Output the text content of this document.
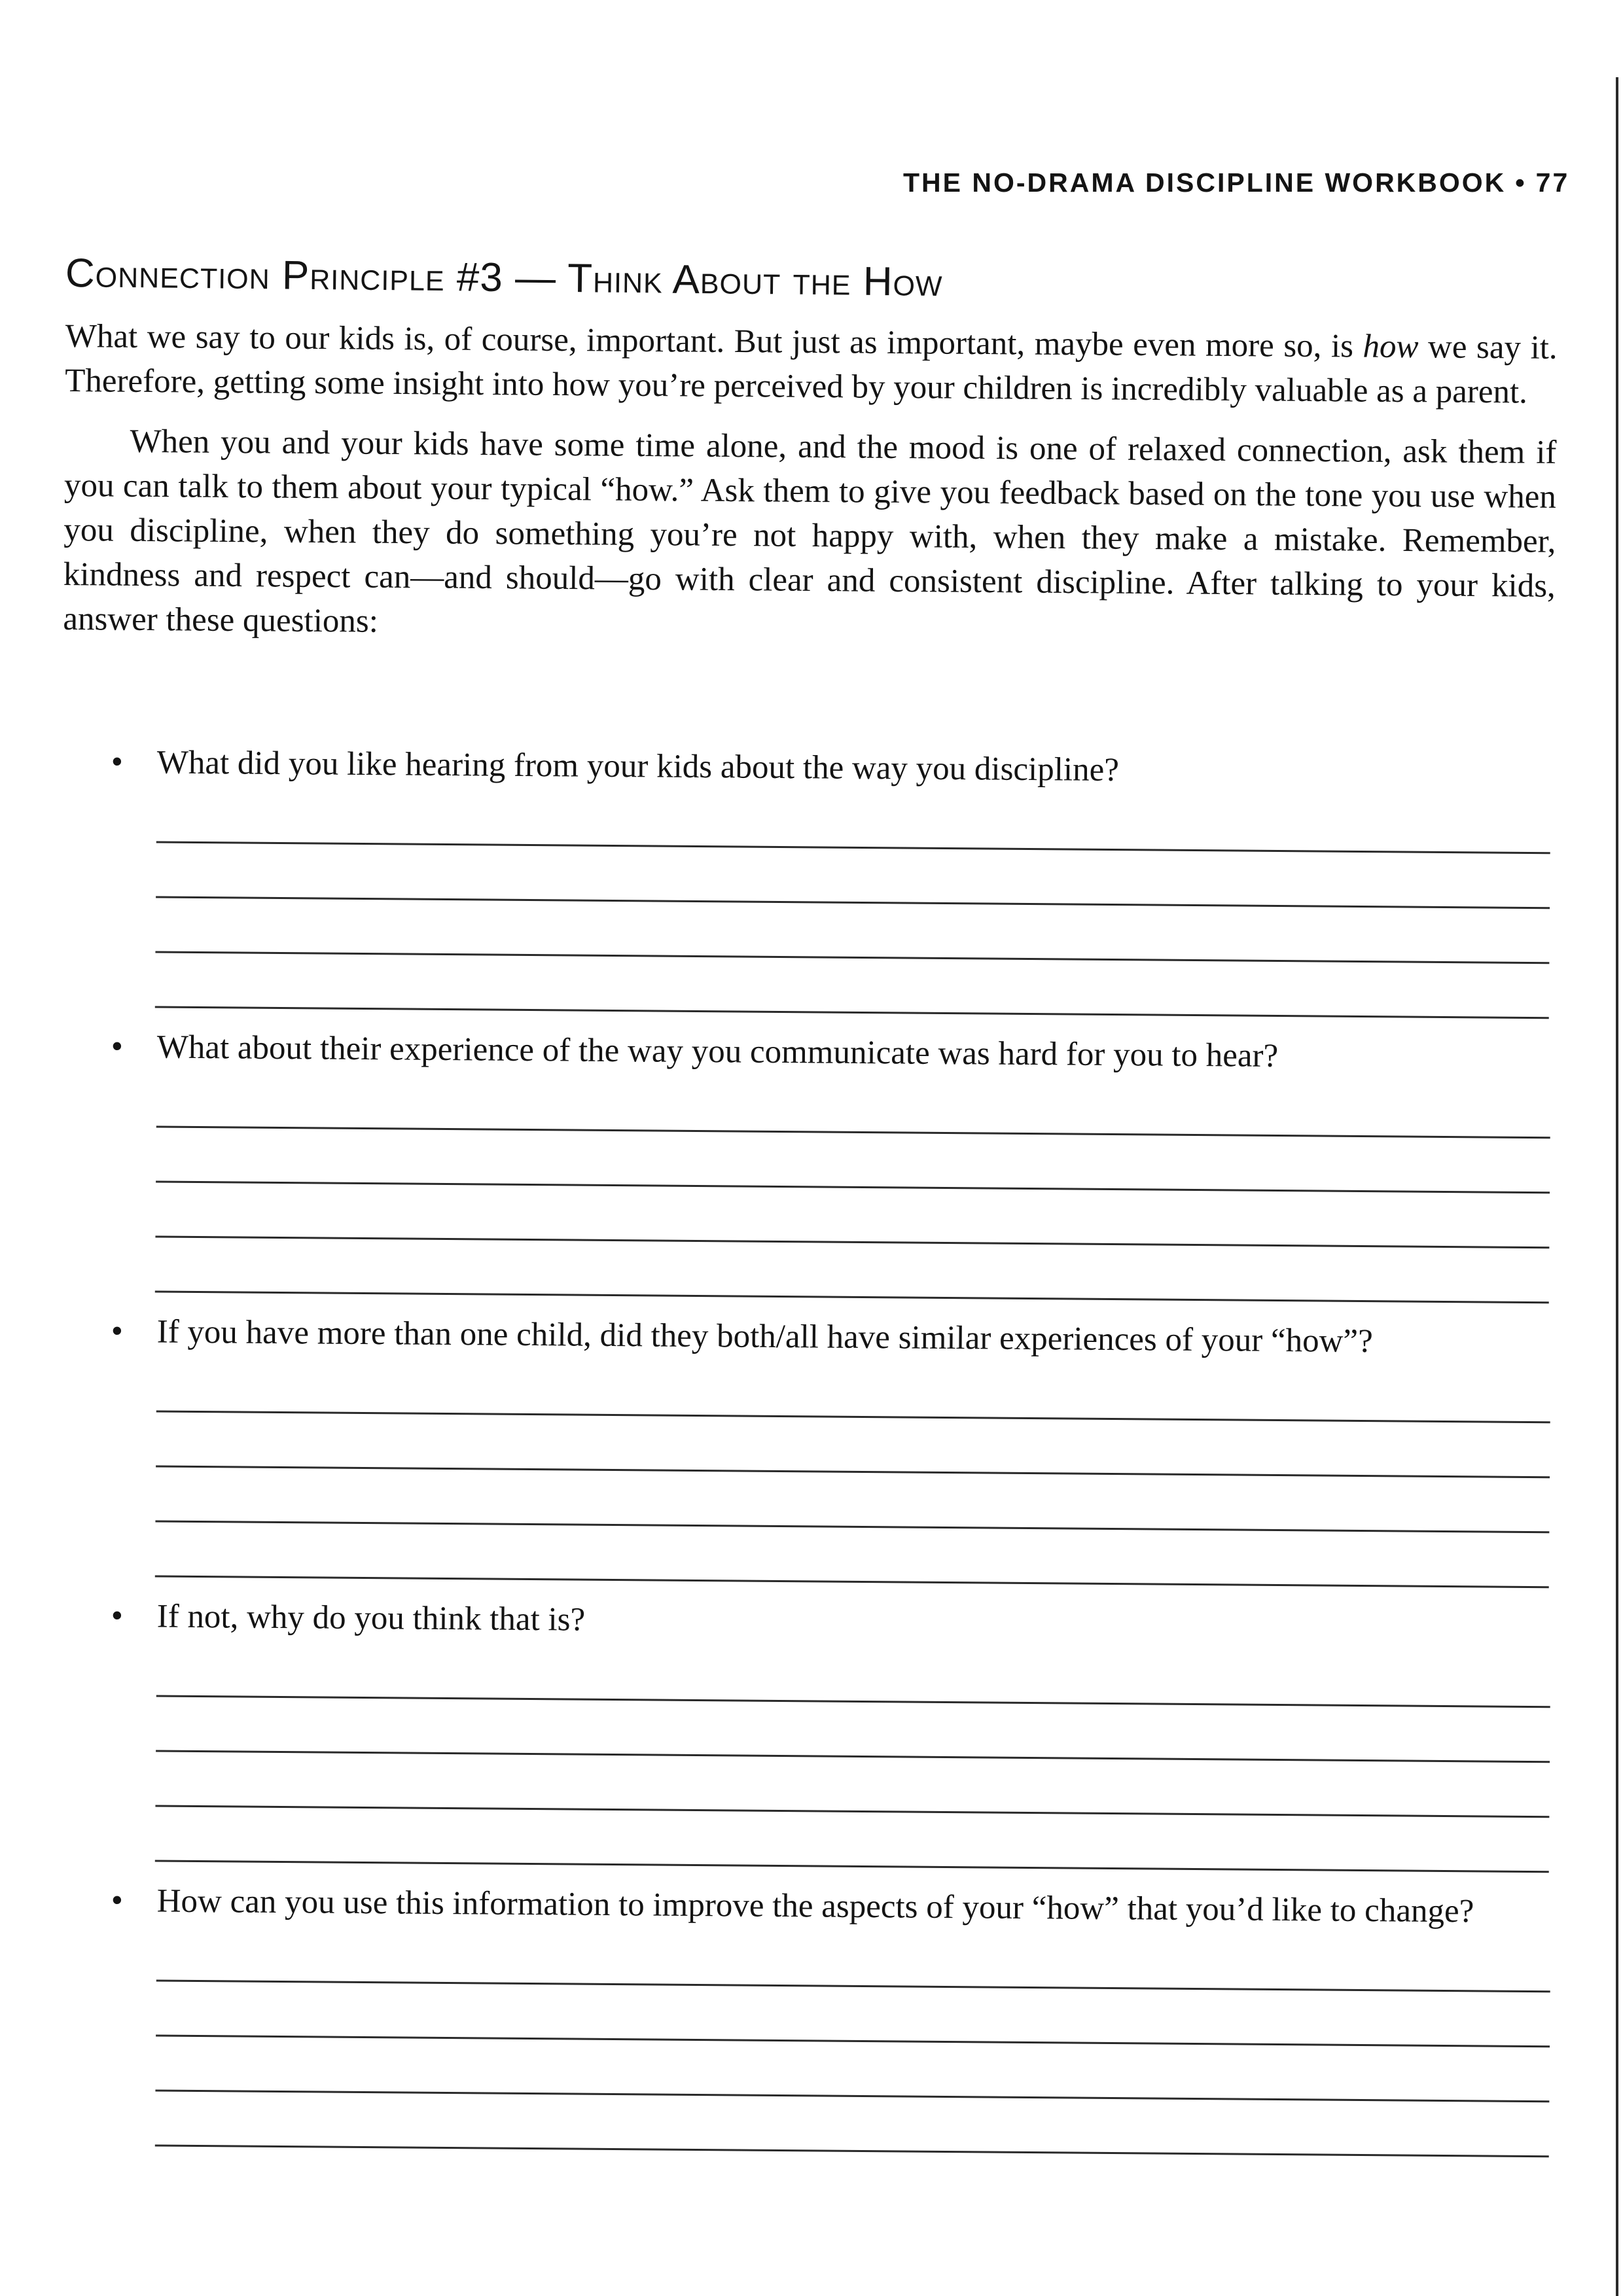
THE NO-DRAMA DISCIPLINE WORKBOOK • 77
Connection Principle #3 — Think About the How

What we say to our kids is, of course, important. But just as important, maybe even more so, is how we say it. Therefore, getting some insight into how you’re perceived by your children is incredibly valuable as a parent.

When you and your kids have some time alone, and the mood is one of relaxed connection, ask them if you can talk to them about your typical “how.” Ask them to give you feedback based on the tone you use when you discipline, when they do something you’re not happy with, when they make a mistake. Remember, kindness and respect can—and should—go with clear and consistent discipline. After talking to your kids, answer these questions:

•	What did you like hearing from your kids about the way you discipline?
•	What about their experience of the way you communicate was hard for you to hear?
•	If you have more than one child, did they both/all have similar experiences of your “how”?
•	If not, why do you think that is?
•	How can you use this information to improve the aspects of your “how” that you’d like to change?
